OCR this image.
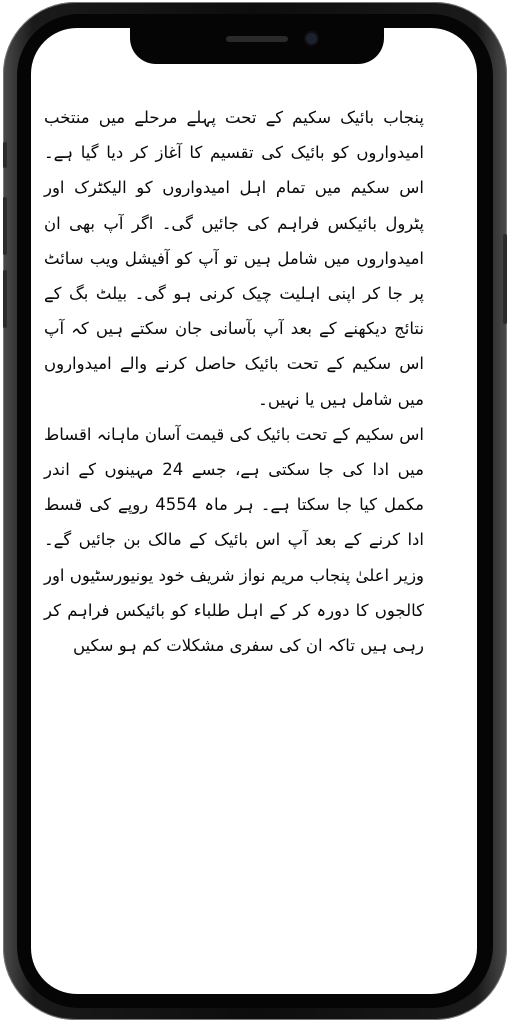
پنجاب بائیک سکیم کے تحت پہلے مرحلے میں منتخب امیدواروں کو بائیک کی تقسیم کا آغاز کر دیا گیا ہے۔ اس سکیم میں تمام اہل امیدواروں کو الیکٹرک اور پٹرول بائیکس فراہم کی جائیں گی۔ اگر آپ بھی ان امیدواروں میں شامل ہیں تو آپ کو آفیشل ویب سائٹ پر جا کر اپنی اہلیت چیک کرنی ہو گی۔ بیلٹ بگ کے نتائج دیکھنے کے بعد آپ بآسانی جان سکتے ہیں کہ آپ اس سکیم کے تحت بائیک حاصل کرنے والے امیدواروں میں شامل ہیں یا نہیں۔

اس سکیم کے تحت بائیک کی قیمت آسان ماہانہ اقساط میں ادا کی جا سکتی ہے، جسے 24 مہینوں کے اندر مکمل کیا جا سکتا ہے۔ ہر ماہ 4554 روپے کی قسط ادا کرنے کے بعد آپ اس بائیک کے مالک بن جائیں گے۔ وزیر اعلیٰ پنجاب مریم نواز شریف خود یونیورسٹیوں اور کالجوں کا دورہ کر کے اہل طلباء کو بائیکس فراہم کر رہی ہیں تاکہ ان کی سفری مشکلات کم ہو سکیں
